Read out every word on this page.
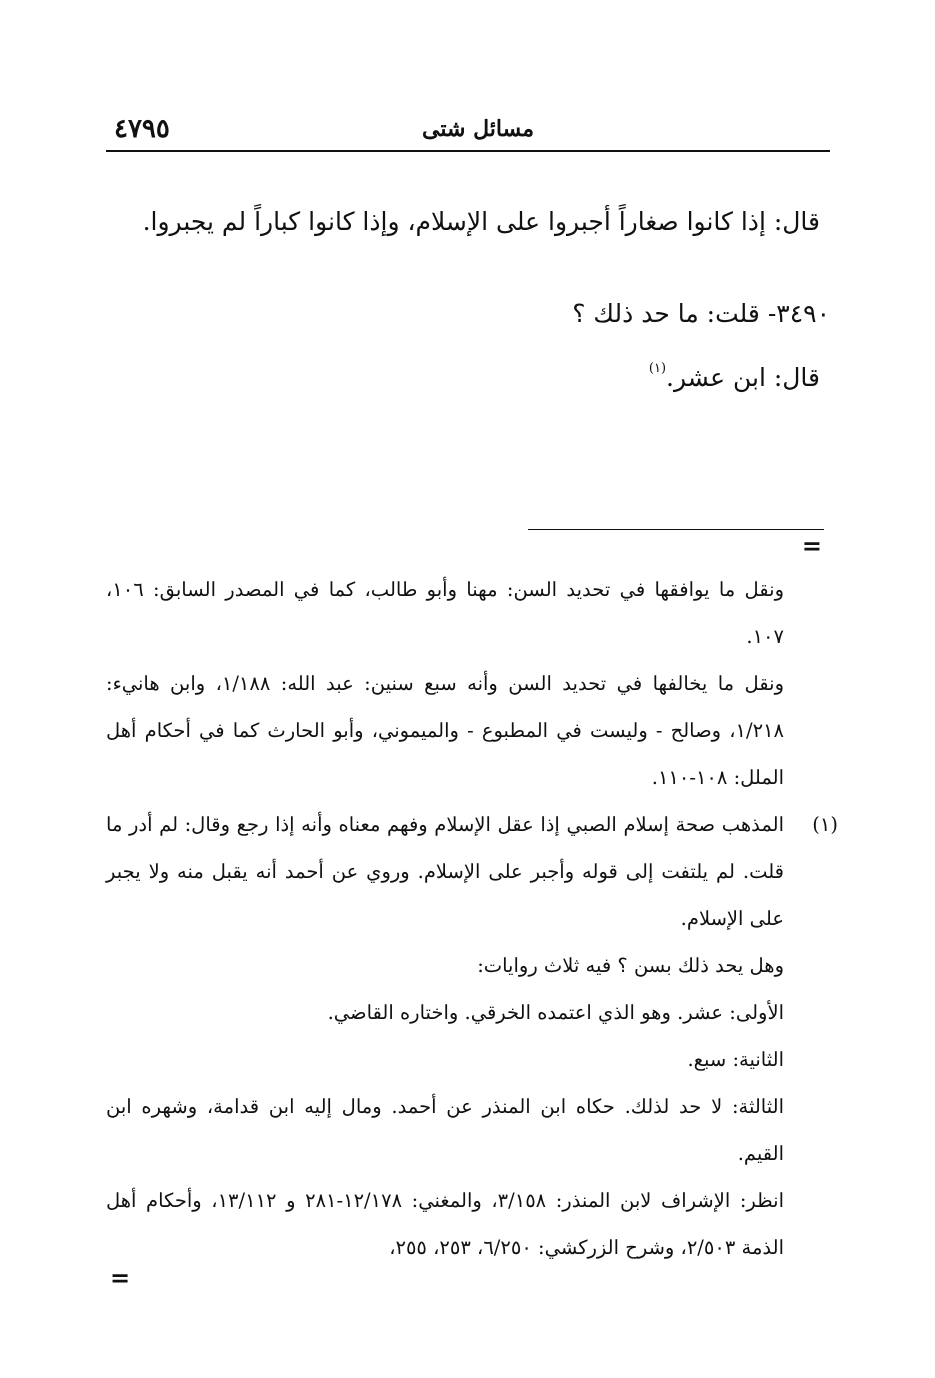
٤٧٩٥	مسائل شتى

قال: إذا كانوا صغاراً أجبروا على الإسلام، وإذا كانوا كباراً لم يجبروا.

٣٤٩٠- قلت: ما حد ذلك ؟

قال: ابن عشر.$^{(١)}$

=

ونقل ما يوافقها في تحديد السن: مهنا وأبو طالب، كما في المصدر السابق: ١٠٦، ١٠٧.

ونقل ما يخالفها في تحديد السن وأنه سبع سنين: عبد الله: ١/١٨٨، وابن هانيء: ١/٢١٨، وصالح - وليست في المطبوع - والميموني، وأبو الحارث كما في أحكام أهل الملل: ١٠٨-١١٠.

(١)

المذهب صحة إسلام الصبي إذا عقل الإسلام وفهم معناه وأنه إذا رجع وقال: لم أدر ما قلت. لم يلتفت إلى قوله وأجبر على الإسلام. وروي عن أحمد أنه يقبل منه ولا يجبر على الإسلام.

وهل يحد ذلك بسن ؟ فيه ثلاث روايات:

الأولى: عشر. وهو الذي اعتمده الخرقي. واختاره القاضي.

الثانية: سبع.

الثالثة: لا حد لذلك. حكاه ابن المنذر عن أحمد. ومال إليه ابن قدامة، وشهره ابن القيم.

انظر: الإشراف لابن المنذر: ٣/١٥٨، والمغني: ١٢/١٧٨-٢٨١ و ١٣/١١٢، وأحكام أهل الذمة ٢/٥٠٣، وشرح الزركشي: ٦/٢٥٠، ٢٥٣، ٢٥٥،

=
